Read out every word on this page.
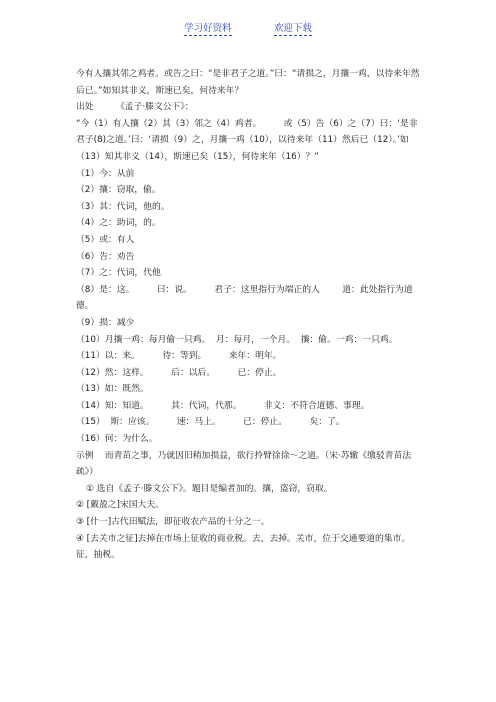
学习好资料	欢迎下载

今有人攘其邻之鸡者。或告之曰：“是非君子之道。”曰：“请损之，月攘一鸡，以待来年然后已。”如知其非义，斯速已矣，何待来年？

出处        《孟子·滕文公下》：

“今（1）有人攘（2）其（3）邻之（4）鸡者。        或（5）告（6）之（7）曰：‘是非君子(8)之道。’曰：‘请损（9）之，月攘一鸡（10），以待来年（11）然后已（12）。’如（13）知其非义（14），斯速已矣（15），何待来年（16）？”

（1）今：从前

（2）攘：窃取，偷。

（3）其：代词，他的。

（4）之：助词，的。

（5）或：有人

（6）告：劝告

（7）之：代词，代他

（8）是：这。        曰：说。        君子：这里指行为端正的人        道：此处指行为道德。

（9）损：减少

（10）月攘一鸡：每月偷一只鸡。  月：每月，一个月。  攘：偷。一鸡：一只鸡。

（11）以：来。        待：等到。        来年：明年。

（12）然：这样。        后：以后。        已：停止。

（13）如：既然。

（14）知：知道。        其：代词，代那。        非义：不符合道德、事理。

（15）  斯：应该。        速：马上。        已：停止。        矣：了。

（16）何：为什么。

示例    而青苗之事，乃就因旧稍加损益，欲行拎臂徐徐～之道。（宋·苏辙《缴驳青苗法疏》）

① 选自《孟子·滕文公下》。题目是编者加的。攘，盗窃，窃取。

② [戴盈之]宋国大夫。

③ [什一]古代田赋法，即征收农产品的十分之一。

④ [去关市之征]去掉在市场上征收的商业税。去，去掉。关市，位于交通要道的集市。征，抽税。
